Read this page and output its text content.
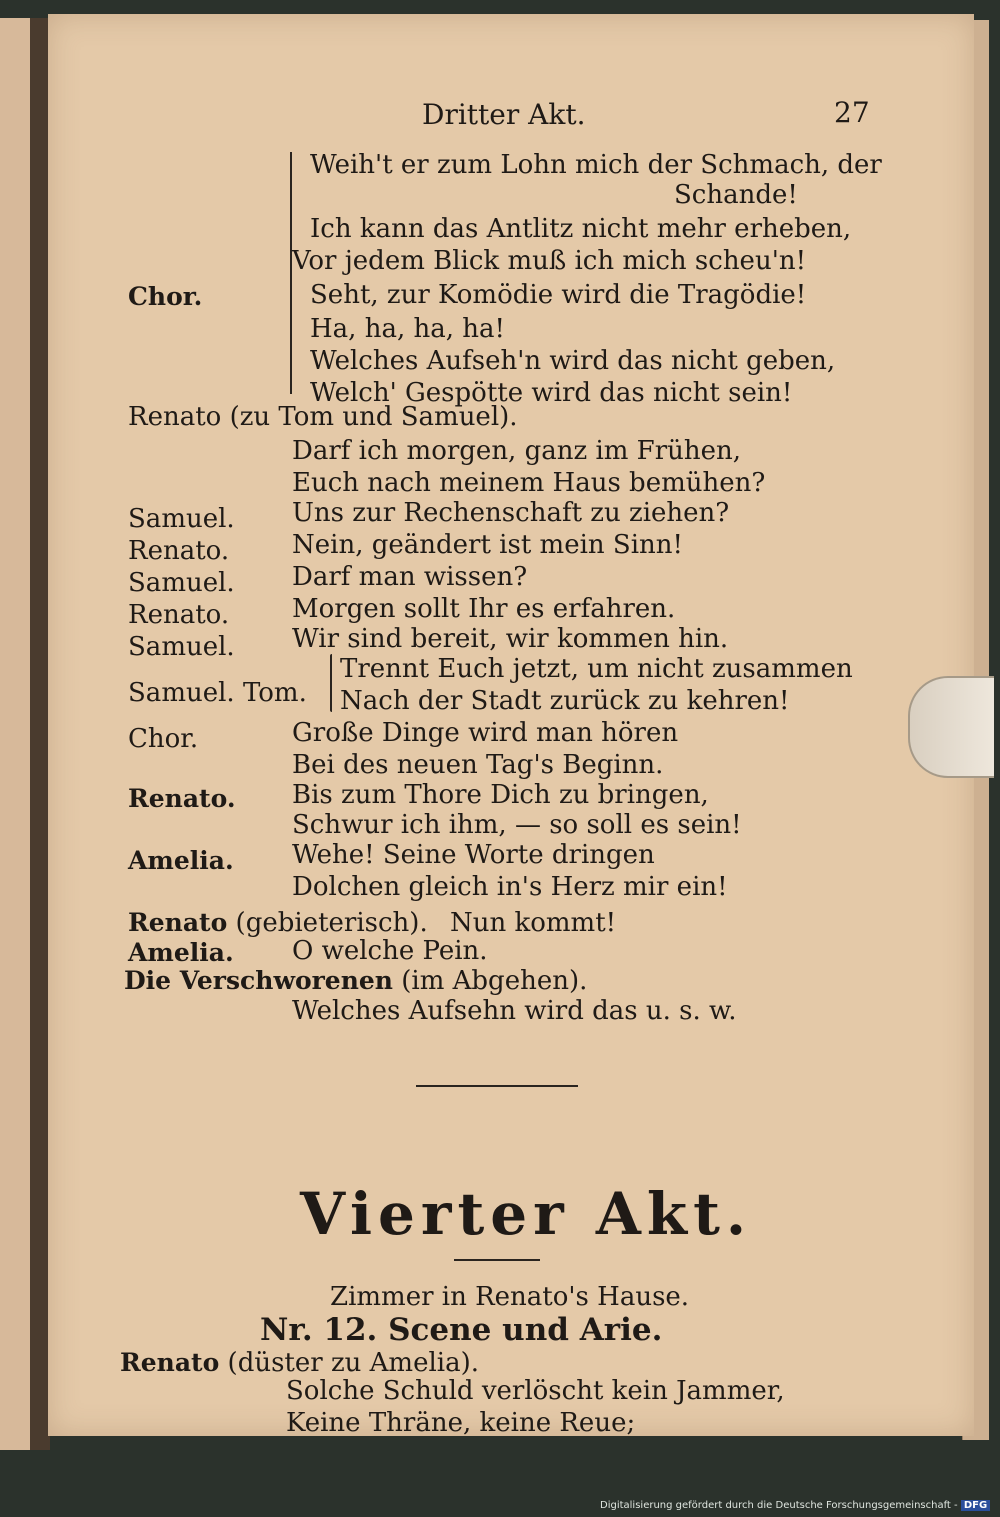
Dritter Akt.	27
Chor.
Weih't er zum Lohn mich der Schmach, der
Schande!
Ich kann das Antlitz nicht mehr erheben,
Vor jedem Blick muß ich mich scheu'n!
Seht, zur Komödie wird die Tragödie!
Ha, ha, ha, ha!
Welches Aufseh'n wird das nicht geben,
Welch' Gespötte wird das nicht sein!
Renato (zu Tom und Samuel).
Darf ich morgen, ganz im Frühen,
Euch nach meinem Haus bemühen?
Samuel. Uns zur Rechenschaft zu ziehen?
Renato. Nein, geändert ist mein Sinn!
Samuel. Darf man wissen?
Renato. Morgen sollt Ihr es erfahren.
Samuel. Wir sind bereit, wir kommen hin.
Samuel. Tom.
Trennt Euch jetzt, um nicht zusammen
Nach der Stadt zurück zu kehren!
Chor.	Große Dinge wird man hören
Bei des neuen Tag's Beginn.
Renato. Bis zum Thore Dich zu bringen,
Schwur ich ihm, — so soll es sein!
Amelia. Wehe! Seine Worte dringen
Dolchen gleich in's Herz mir ein!
Renato (gebieterisch). Nun kommt!
Amelia. O welche Pein.
Die Verschworenen (im Abgehen).
Welches Aufsehn wird das u. s. w.
Vierter Akt.
Zimmer in Renato's Hause.
Nr. 12. Scene und Arie.
Renato (düster zu Amelia).
Solche Schuld verlöscht kein Jammer,
Keine Thräne, keine Reue;
Digitalisierung gefördert durch die Deutsche Forschungsgemeinschaft - DFG
